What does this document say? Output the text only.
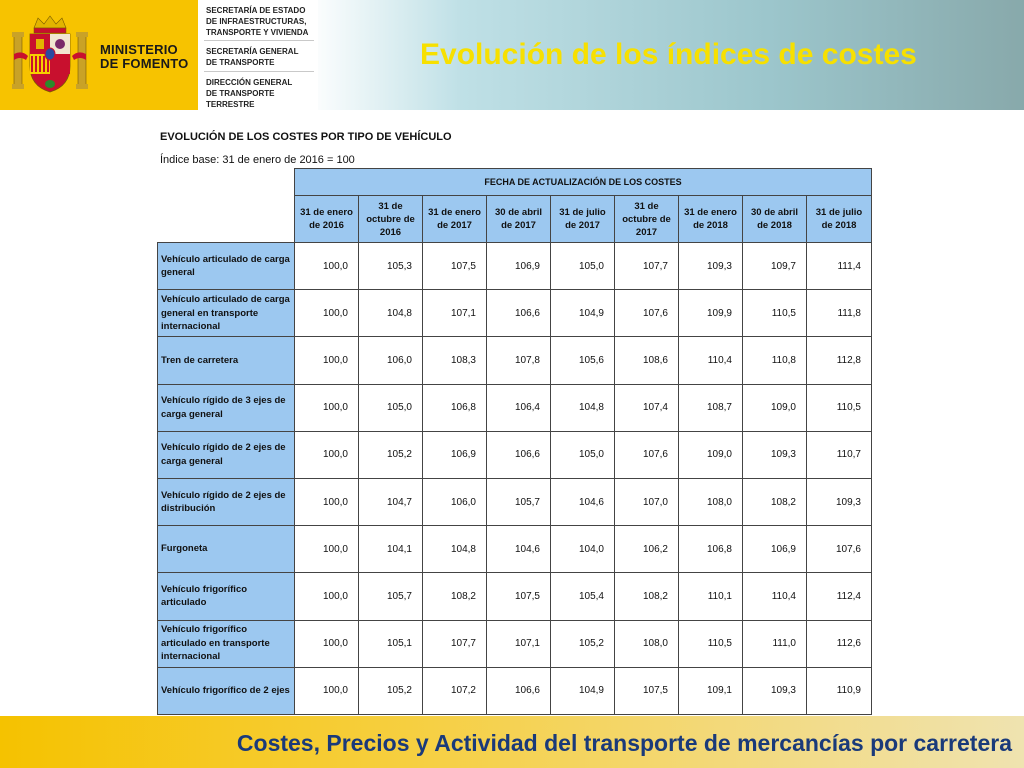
MINISTERIO
DE FOMENTO
SECRETARÍA DE ESTADO
DE INFRAESTRUCTURAS,
TRANSPORTE Y VIVIENDA
SECRETARÍA GENERAL
DE TRANSPORTE
DIRECCIÓN GENERAL
DE TRANSPORTE
TERRESTRE
Evolución de los índices de costes
EVOLUCIÓN DE LOS COSTES POR TIPO DE VEHÍCULO
Índice base: 31 de enero de 2016 = 100
	FECHA DE ACTUALIZACIÓN DE LOS COSTES								
	31 de enero de 2016	31 de octubre de 2016	31 de enero de 2017	30 de abril de 2017	31 de julio de 2017	31 de octubre de 2017	31 de enero de 2018	30 de abril de 2018	31 de julio de 2018
Vehículo articulado de carga general	100,0	105,3	107,5	106,9	105,0	107,7	109,3	109,7	111,4
Vehículo articulado de carga general en transporte internacional	100,0	104,8	107,1	106,6	104,9	107,6	109,9	110,5	111,8
Tren de carretera	100,0	106,0	108,3	107,8	105,6	108,6	110,4	110,8	112,8
Vehículo rígido de 3 ejes de carga general	100,0	105,0	106,8	106,4	104,8	107,4	108,7	109,0	110,5
Vehículo rígido de 2 ejes de carga general	100,0	105,2	106,9	106,6	105,0	107,6	109,0	109,3	110,7
Vehículo rígido de 2 ejes de distribución	100,0	104,7	106,0	105,7	104,6	107,0	108,0	108,2	109,3
Furgoneta	100,0	104,1	104,8	104,6	104,0	106,2	106,8	106,9	107,6
Vehículo frigorífico articulado	100,0	105,7	108,2	107,5	105,4	108,2	110,1	110,4	112,4
Vehículo frigorífico articulado en transporte internacional	100,0	105,1	107,7	107,1	105,2	108,0	110,5	111,0	112,6
Vehículo frigorífico de 2 ejes	100,0	105,2	107,2	106,6	104,9	107,5	109,1	109,3	110,9
Costes, Precios y Actividad del transporte de mercancías por carretera
